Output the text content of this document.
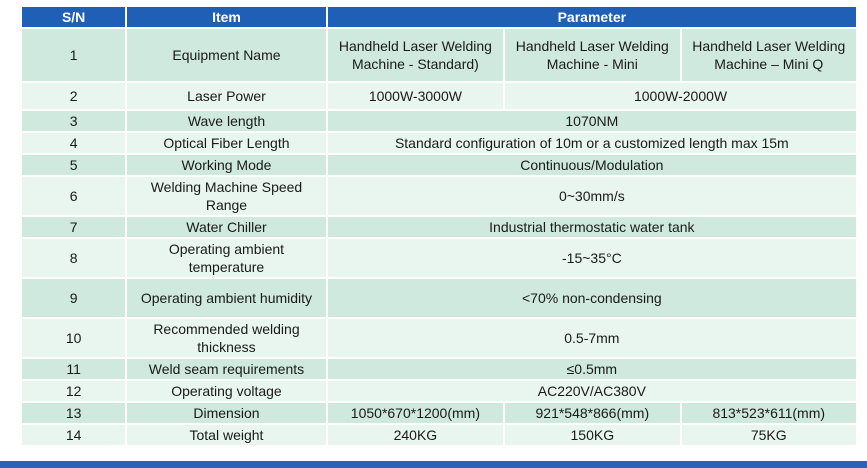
S/N	Item	Parameter		
1	Equipment Name	Handheld Laser Welding Machine - Standard)	Handheld Laser Welding Machine - Mini	Handheld Laser Welding Machine – Mini Q
2	Laser Power	1000W-3000W	1000W-2000W	
3	Wave length	1070NM		
4	Optical Fiber Length	Standard configuration of 10m or a customized length max 15m		
5	Working Mode	Continuous/Modulation		
6	Welding Machine Speed Range	0~30mm/s		
7	Water Chiller	Industrial thermostatic water tank		
8	Operating ambient temperature	-15~35°C		
9	Operating ambient humidity	<70% non-condensing		
10	Recommended welding thickness	0.5-7mm		
11	Weld seam requirements	≤0.5mm		
12	Operating voltage	AC220V/AC380V		
13	Dimension	1050*670*1200(mm)	921*548*866(mm)	813*523*611(mm)
14	Total weight	240KG	150KG	75KG
